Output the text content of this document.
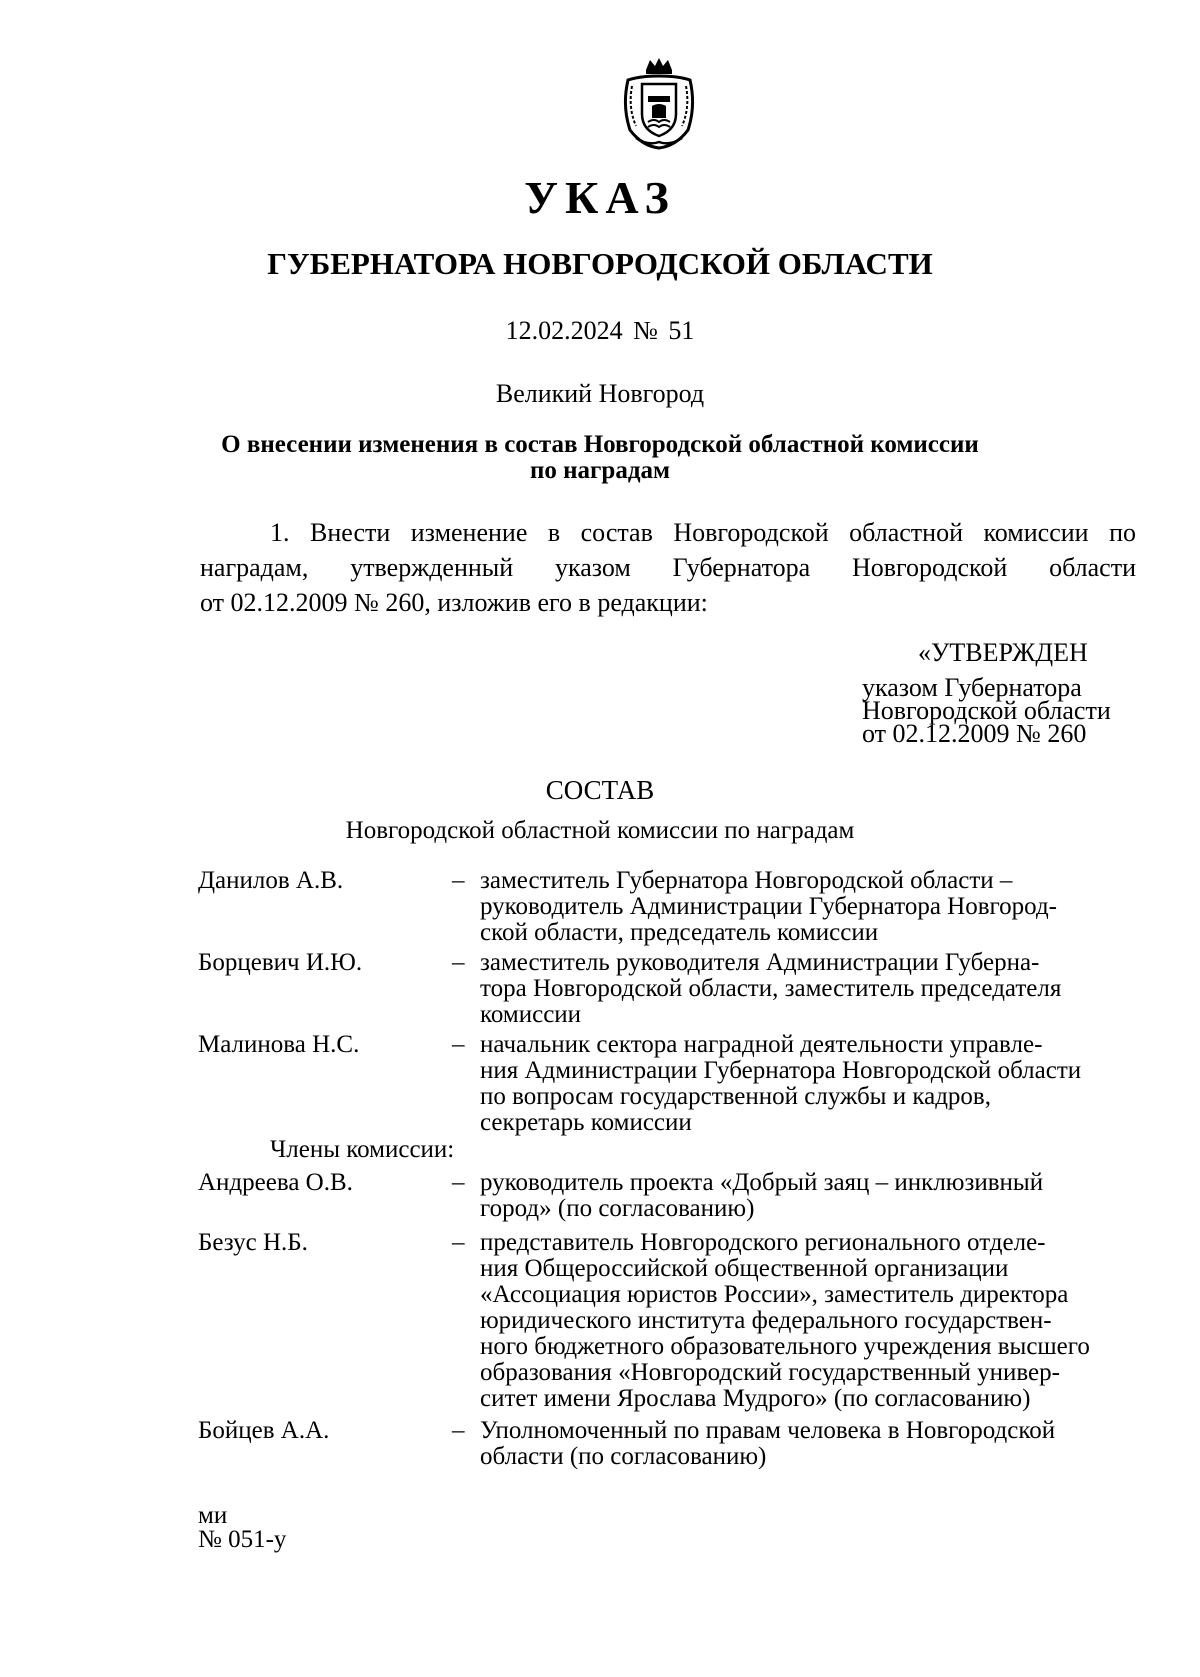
УКАЗ
ГУБЕРНАТОРА НОВГОРОДСКОЙ ОБЛАСТИ
12.02.2024 № 51
Великий Новгород
О внесении изменения в состав Новгородской областной комиссии
по наградам
1. Внести изменение в состав Новгородской областной комиссии по
наградам, утвержденный указом Губернатора Новгородской области
от 02.12.2009 № 260, изложив его в редакции:
«УТВЕРЖДЕН
указом Губернатора
Новгородской области
от 02.12.2009 № 260
СОСТАВ
Новгородской областной комиссии по наградам
Данилов А.В.	– заместитель Губернатора Новгородской области –
руководитель Администрации Губернатора Новгород-
ской области, председатель комиссии
Борцевич И.Ю.	– заместитель руководителя Администрации Губерна-
тора Новгородской области, заместитель председателя
комиссии
Малинова Н.С.	– начальник сектора наградной деятельности управле-
ния Администрации Губернатора Новгородской области
по вопросам государственной службы и кадров,
секретарь комиссии
Члены комиссии:
Андреева О.В.	– руководитель проекта «Добрый заяц – инклюзивный
город» (по согласованию)
Безус Н.Б.	– представитель Новгородского регионального отделе-
ния Общероссийской общественной организации
«Ассоциация юристов России», заместитель директора
юридического института федерального государствен-
ного бюджетного образовательного учреждения высшего
образования «Новгородский государственный универ-
ситет имени Ярослава Мудрого» (по согласованию)
Бойцев А.А.	– Уполномоченный по правам человека в Новгородской
области (по согласованию)
ми
№ 051-у
